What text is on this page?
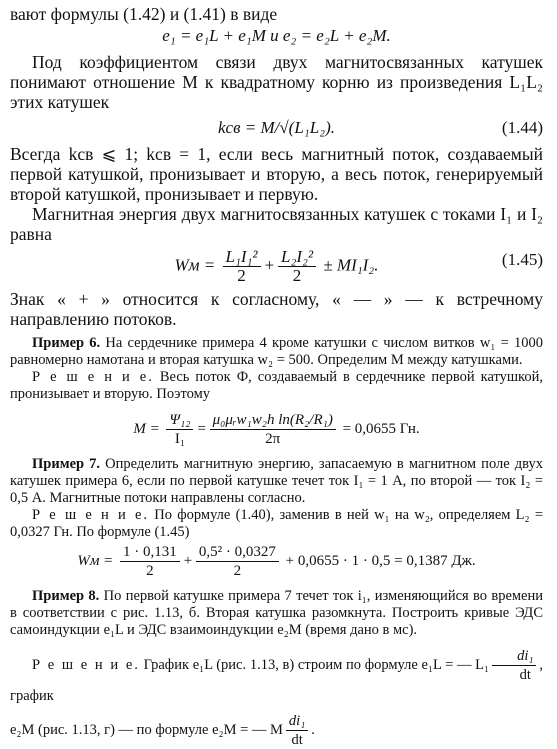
вают формулы (1.42) и (1.41) в виде

e₁ = e₁L + e₁M и e₂ = e₂L + e₂M.

Под коэффициентом связи двух магнитосвязанных катушек понимают отношение M к квадратному корню из произведения L₁L₂ этих катушек

kсв = M/√(L₁L₂).	(1.44)

Всегда kсв ⩽ 1; kсв = 1, если весь магнитный поток, создаваемый первой катушкой, пронизывает и вторую, а весь поток, генерируемый второй катушкой, пронизывает и первую.

Магнитная энергия двух магнитосвязанных катушек с токами I₁ и I₂ равна

Wм = $\frac{\text{L₁I₁²}}{2} + \frac{\text{L₂I₂²}}{2} \pm MI_1I_2$.	(1.45)

Знак « + » относится к согласному, « — » — к встречному направлению потоков.

Пример 6. На сердечнике примера 4 кроме катушки с числом витков w₁ = 1000 равномерно намотана и вторая катушка w₂ = 500. Определим M между катушками.

Р е ш е н и е. Весь поток Ф, создаваемый в сердечнике первой катушкой, пронизывает и вторую. Поэтому

$M = \frac{\text{Ψ₁₂}}{\text{I₁}} = \frac{\text{μ₀μᵣw₁w₂h ln(R₂/R₁)}}{2\pi} = 0,0655$ Гн.

Пример 7. Определить магнитную энергию, запасаемую в магнитном поле двух катушек примера 6, если по первой катушке течет ток I₁ = 1 А, по второй — ток I₂ = 0,5 А. Магнитные потоки направлены согласно.

Р е ш е н и е. По формуле (1.40), заменив в ней w₁ на w₂, определяем L₂ = 0,0327 Гн. По формуле (1.45)

Wм = $\frac{1 \cdot 0,131}{2} + \frac{\text{0,5² · 0,0327}}{2} + 0,0655 \cdot 1 \cdot 0,5 = 0,1387$ Дж.

Пример 8. По первой катушке примера 7 течет ток i₁, изменяющийся во времени в соответствии с рис. 1.13, б. Вторая катушка разомкнута. Построить кривые ЭДС самоиндукции e₁L и ЭДС взаимоиндукции e₂M (время дано в мс).

Р е ш е н и е. График e₁L (рис. 1.13, в) строим по формуле e₁L = — $L_1 \frac{\text{di₁}}{dt}$ , график

e₂M (рис. 1.13, г) — по формуле e₂M = — M $\frac{\text{di₁}}{dt}$ .
